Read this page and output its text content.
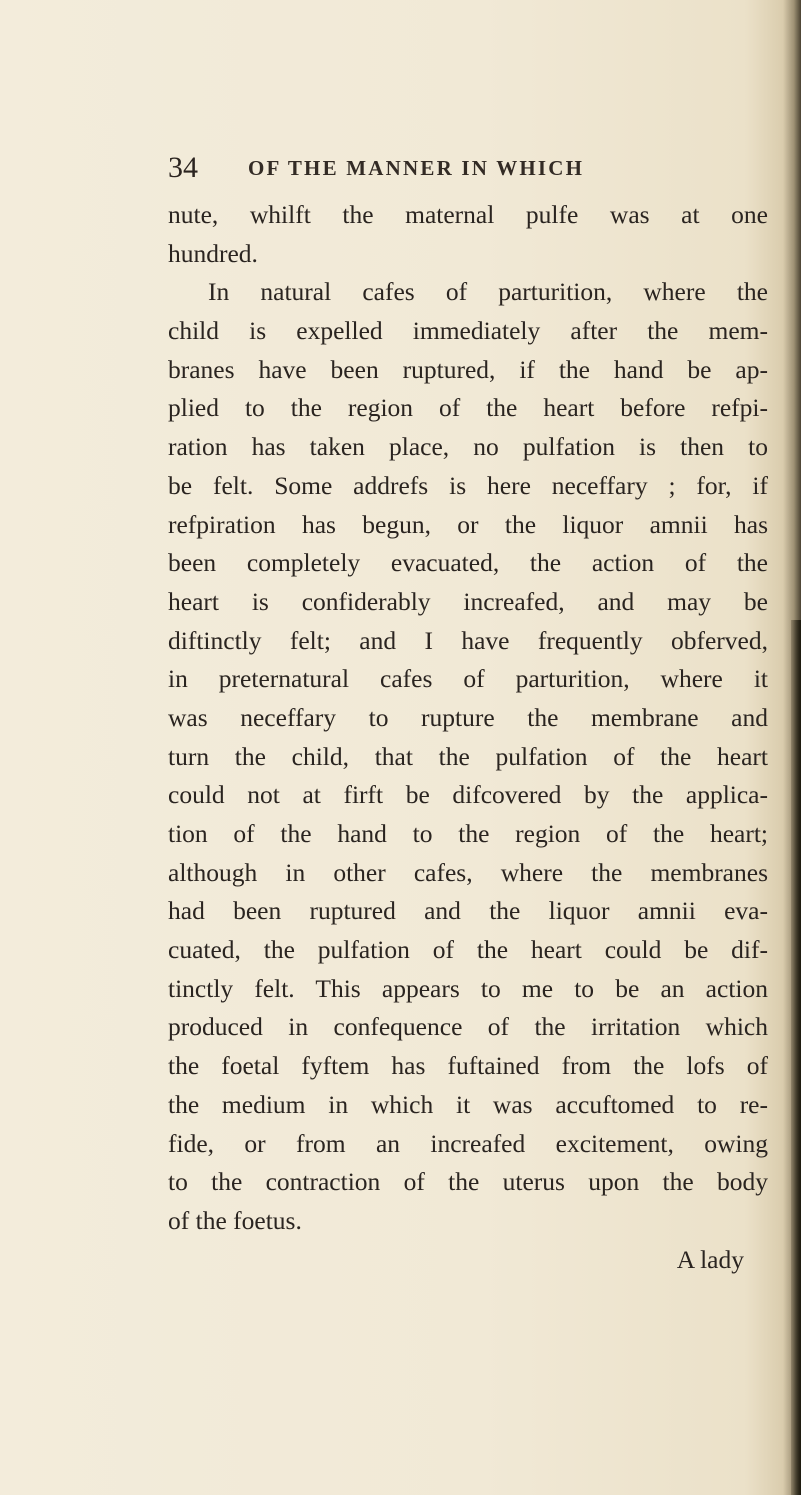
34 OF THE MANNER IN WHICH
nute, whilft the maternal pulfe was at one
hundred.
In natural cafes of parturition, where the
child is expelled immediately after the mem-
branes have been ruptured, if the hand be ap-
plied to the region of the heart before refpi-
ration has taken place, no pulfation is then to
be felt. Some addrefs is here neceffary ; for, if
refpiration has begun, or the liquor amnii has
been completely evacuated, the action of the
heart is confiderably increafed, and may be
diftinctly felt; and I have frequently obferved,
in preternatural cafes of parturition, where it
was neceffary to rupture the membrane and
turn the child, that the pulfation of the heart
could not at firft be difcovered by the applica-
tion of the hand to the region of the heart;
although in other cafes, where the membranes
had been ruptured and the liquor amnii eva-
cuated, the pulfation of the heart could be dif-
tinctly felt. This appears to me to be an action
produced in confequence of the irritation which
the foetal fyftem has fuftained from the lofs of
the medium in which it was accuftomed to re-
fide, or from an increafed excitement, owing
to the contraction of the uterus upon the body
of the foetus.
A lady
